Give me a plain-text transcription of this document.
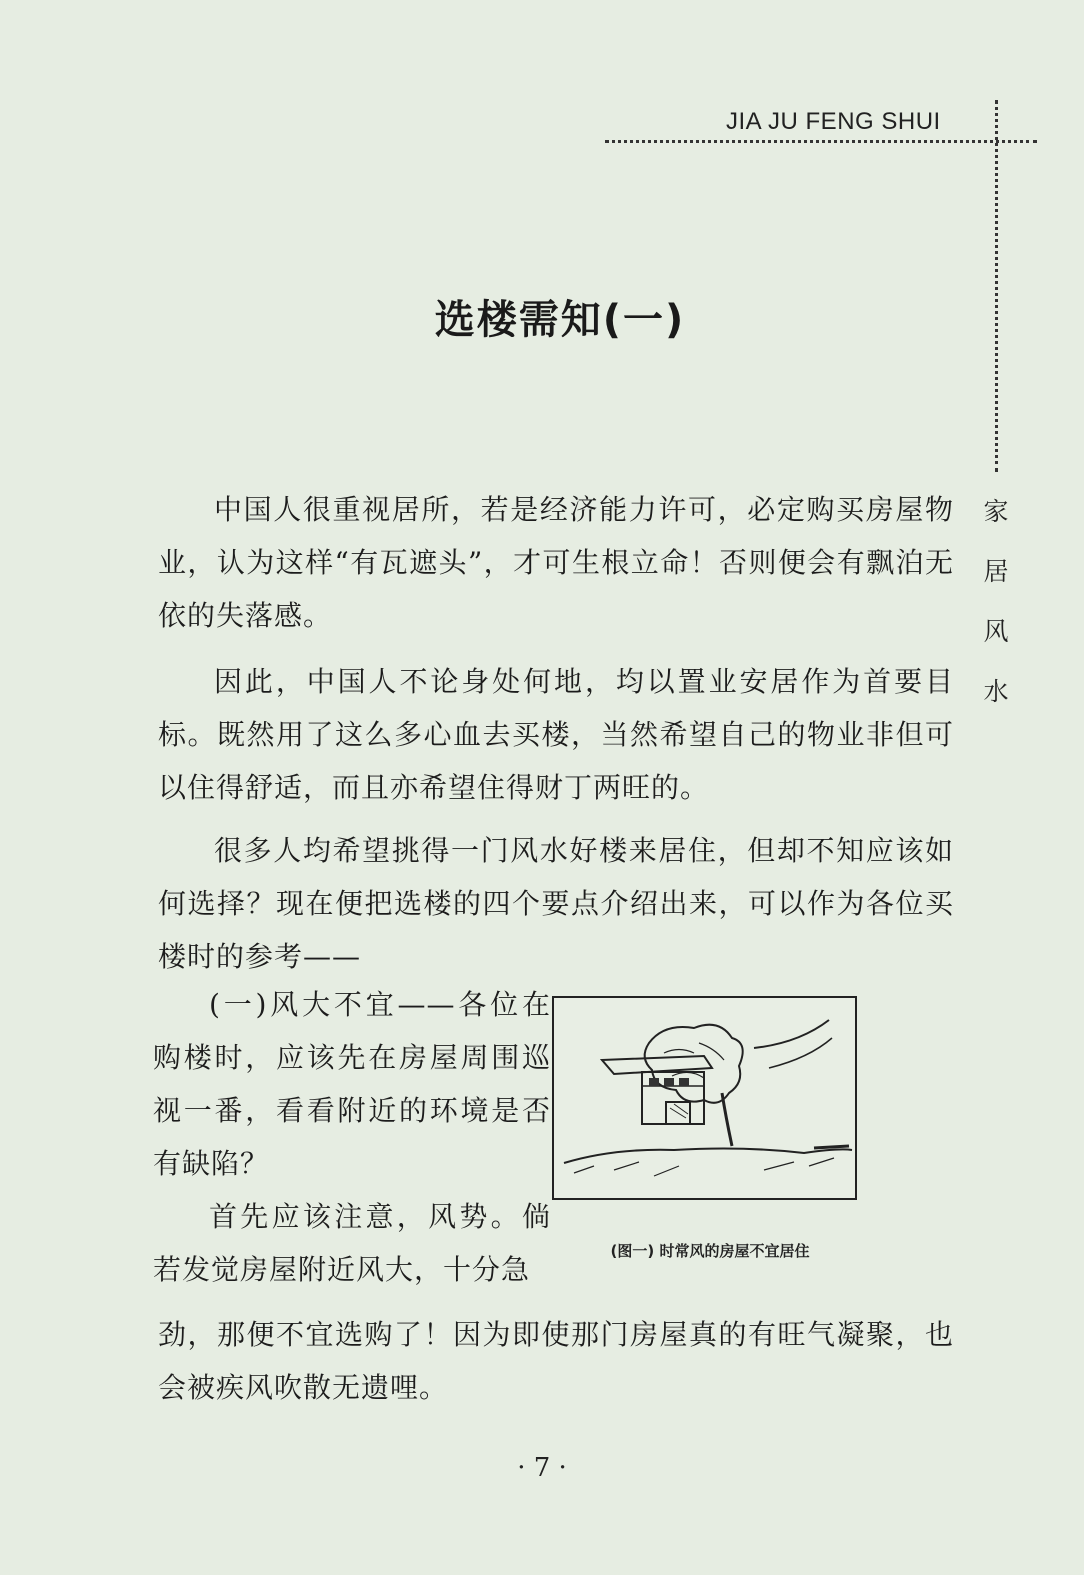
JIA JU FENG SHUI
家
居
风
水
选楼需知(一)

中国人很重视居所，若是经济能力许可，必定购买房屋物业，认为这样“有瓦遮头”，才可生根立命！否则便会有飘泊无依的失落感。

因此，中国人不论身处何地，均以置业安居作为首要目标。既然用了这么多心血去买楼，当然希望自己的物业非但可以住得舒适，而且亦希望住得财丁两旺的。

很多人均希望挑得一门风水好楼来居住，但却不知应该如何选择？现在便把选楼的四个要点介绍出来，可以作为各位买楼时的参考——

(一)风大不宜——各位在购楼时，应该先在房屋周围巡视一番，看看附近的环境是否有缺陷？

首先应该注意，风势。倘若发觉房屋附近风大，十分急

(图一) 时常风的房屋不宜居住

劲，那便不宜选购了！因为即使那门房屋真的有旺气凝聚，也会被疾风吹散无遗哩。

· 7 ·
